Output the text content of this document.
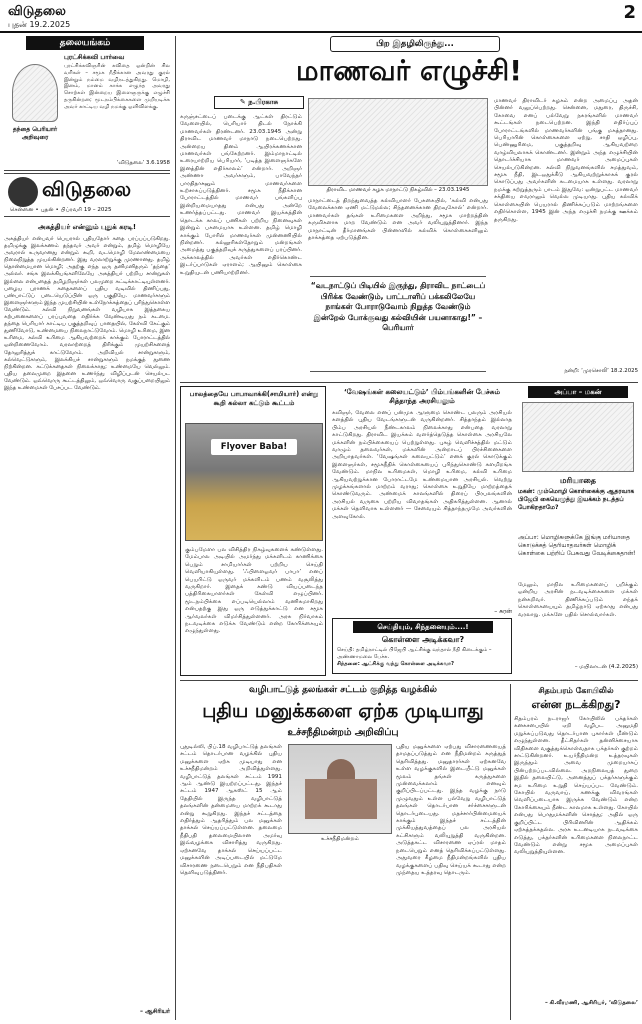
விடுதலை
புதன் 19.2.2025
2
தலையங்கம்
புரட்சிக்கவி பார்வை
புரட்சிக்கவிஞரின் கவிதை ஒன்றின் சில வரிகள் – சமூக நீதிக்கான அவரது குரல் இன்றும் நம்மை வழிநடத்துகிறது. மொழி, இனம், மானம் காக்க எழுந்த அவரது சொற்கள் இன்றைய இளைஞருக்கு எழுச்சி தருகின்றன; மூடநம்பிக்கைகளை முறியடிக்க அவர் காட்டிய வழி நமக்கு ஒளிவிளக்கு.
தந்தை பெரியார் அறிவுரை
‘விடுதலை’ 3.6.1958
விடுதலை
சென்னை • புதன் • பிப்ரவரி 19 – 2025
அகத்தியர் என்னும் புதுக் கரடி!
அகத்தியர் என்பவர் பெயரால் புதியதோர் கதை பரப்பப்படுகிறது. தமிழுக்கு இலக்கணம் தந்தவர் அவர் என்றும், தமிழ் மொழியே அவரால் உருவானது என்றும் கூறி, வடமொழி மேலாண்மையை நிலைநிறுத்த முயல்கின்றனர். இது வரலாற்றுக்கு முரணானது. தமிழ் தொன்மையான மொழி; அதற்கு எந்த ஒரு தனிமனிதரும் ‘தந்தை’ அல்லர். சங்க இலக்கியங்களிலேயே அகத்தியர் பற்றிய சான்றுகள் இல்லை என்பதைத் தமிழறிஞர்கள் பலமுறை சுட்டிக்காட்டியுள்ளனர். பழைய புராணக் கதைகளைப் புதிய வடிவில் திணிப்பது, பண்பாட்டுப் படையெடுப்பின் ஒரு பகுதியே. மாணவர்களும் இளைஞர்களும் இந்த முயற்சியின் உள்நோக்கத்தைப் புரிந்துகொள்ள வேண்டும். கல்வி நிறுவனங்கள் வழியாக இத்தகைய கற்பனைகளைப் பரப்புவதை எதிர்க்க வேண்டியது நம் கடமை. தந்தை பெரியார் காட்டிய பகுத்தறிவுப் பாதையில், கேள்வி கேட்கும் துணிவோடு, உண்மையை நிலைநாட்டுவோம். மொழி உரிமை, இன உரிமை, கல்வி உரிமை ஆகியவற்றைக் காக்கும் போராட்டத்தில் ஒன்றிணைவோம். வரலாற்றைத் திரிக்கும் முயற்சிகளைத் தோலுரித்துக் காட்டுவோம். அறிவியல் சான்றுகளும், கல்வெட்டுகளும், இலக்கியச் சான்றுகளும் நமக்குத் துணை நிற்கின்றன. கட்டுக்கதைகள் நிலைக்காது; உண்மையே வெல்லும். புதிய தலைமுறை இதனை உணர்ந்து விழிப்புடன் செயல்பட வேண்டும். ஒவ்வொரு கூட்டத்திலும், ஒவ்வொரு வகுப்பறையிலும் இந்த உண்மைகள் பேசப்பட வேண்டும்.
– ஆசிரியர்
பிற இதழிலிருந்து...
மாணவர் எழுச்சி!
✎ ந.பிரகாசு
கருஞ்சட்டைப் படைக்கு ஆட்கள் திரட்டும் வேளையில், பெரியார் திடல் நோக்கி மாணவர்கள் திரண்டனர். 23.03.1945 அன்று திராவிட மாணவர் மாநாடு நடைபெற்றது. அன்றைய தினம் ஆயிரக்கணக்கான மாணவர்கள் பங்கேற்றனர். இம்மாநாட்டில் உரையாற்றிய பெரியார், ‘படித்த இளைஞர்களே இனத்தின் எதிர்காலம்’ என்றார். அறிஞர் அண்ணா அவர்களும், பாவேந்தர் பாரதிதாசனும் மாணவர்களை உற்சாகப்படுத்தினர். சமூக நீதிக்கான போராட்டத்தில் மாணவர் பங்களிப்பு இன்றியமையாதது என்பது அன்றே உணர்த்தப்பட்டது. மாணவர் இயக்கத்தின் தொடக்க காலப் பணிகள் பற்றிய நினைவுகள் இன்றும் பசுமையாக உள்ளன. தமிழ் மொழி காக்கும் போரில் மாணவர்கள் முன்னணியில் நின்றனர். கல்லூரிகள்தோறும் மன்றங்கள் அமைத்து பகுத்தறிவுக் கருத்துகளைப் பரப்பினர். அக்காலத்தில் அவர்கள் எதிர்கொண்ட இடர்ப்பாடுகள் ஏராளம்; ஆயினும் கொள்கை உறுதியுடன் பணியாற்றினர்.
திராவிட மாணவர் கழக மாநாட்டு நிகழ்வில் – 23.03.1945
மாநாட்டைத் திறந்துவைத்த கல்வியாளர் பேசுகையில், ‘கல்வி என்பது வேலைக்கான ஏணி மட்டுமல்ல; சிந்தனைக்கான திறவுகோல்’ என்றார். மாணவர்கள் தங்கள் உரிமைகளை அறிந்து, சமூக மாற்றத்தின் கருவிகளாக மாற வேண்டும் என அவர் வலியுறுத்தினார். இந்த மாநாட்டின் தீர்மானங்கள் பின்னாளில் கல்விக் கொள்கைகளிலும் தாக்கத்தை ஏற்படுத்தின.
“வடநாட்டுப் பிடியில் இருந்து, திராவிட நாட்டைப் பிரிக்க வேண்டும், பாட்டாளிப் பக்கலிலேயே நாங்கள் போராடுவோம் நிறுத்த வேண்டும் இன்றேல் போக்குவது கல்வியின் பயனாகாது!” – பெரியார்
மாணவர் திராவிடர் கழகம் என்ற அமைப்பு அதன் பின்னர் வலுப்பெற்றது. சென்னை, மதுரை, திருச்சி, கோவை எனப் பல்வேறு நகரங்களில் மாணவர் கூட்டங்கள் நடைபெற்றன. இந்தி எதிர்ப்புப் போராட்டங்களில் மாணவர்களின் பங்கு மகத்தானது. பெரியாரின் கொள்கைகளை ஏற்று, சாதி ஒழிப்பு, பெண்ணுரிமை, பகுத்தறிவு ஆகியவற்றை வாழ்வியலாகக் கொண்டனர். இன்றும் அந்த எழுச்சியின் தொடர்ச்சியாக மாணவர் அமைப்புகள் செயல்படுகின்றன. கல்வி நிறுவனங்களில் சமத்துவம், சமூக நீதி, இடஒதுக்கீடு ஆகியவற்றுக்காகக் குரல் கொடுப்பது அவர்களின் கடமையாக உள்ளது. வரலாறு நமக்கு கற்றுத்தரும் பாடம் இதுவே: ஒன்றுபட்ட மாணவர் சக்தியை எவராலும் வெல்ல முடியாது. புதிய கல்விக் கொள்கையின் பெயரால் திணிக்கப்படும் மாற்றங்களை எதிர்கொள்ள, 1945 இன் அந்த எழுச்சி நமக்கு ஊக்கம் தருகிறது.
நன்றி: ‘முரசொலி’ 18.2.2025
பாலத்தையே பாபாவாக்கி(சாமியார்) என்று கூறி கல்லா கட்டும் கூட்டம்
Flyover Baba!
கும்பமேளா பல விசித்திர நிகழ்வுகளைக் கண்டுள்ளது. மேம்பால அடியில் அமர்ந்து மக்களிடம் காணிக்கை பெறும் சாமியார்கள் பற்றிய செய்தி வெளியாகியுள்ளது. ‘ஃபிளைஓவர் பாபா’ எனப் பெயரிட்டு ஒருவர் மக்களிடம் பணம் வசூலித்து வருகிறார். இதைக் கண்டு வியப்படைந்த பத்திரிகையாளர்கள் கேள்வி எழுப்பினர். மூடநம்பிக்கை எப்படியெல்லாம் வணிகமாகிறது என்பதற்கு இது ஒரு எடுத்துக்காட்டு என சமூக ஆர்வலர்கள் விமர்சித்துள்ளனர். அரசு நிர்வாகம் நடவடிக்கை எடுக்க வேண்டும் என்ற கோரிக்கையும் எழுந்துள்ளது.
‘வேஷங்கள் கலையட்டும்’ பிம்பங்களின் பேச்சும் சித்தாந்த அரசியலும்
கவிஞர், வேலை எனப் பன்முக ஆளுமை கொண்ட பலரும் அரசியல் களத்தில் புதிய வேடங்களுடன் வருகின்றனர். சித்தாந்தம் இல்லாத பிம்ப அரசியல் நீண்டகாலம் நிலைக்காது என்பதை வரலாறு காட்டுகிறது. திராவிட இயக்கம் வளர்த்தெடுத்த கொள்கை அரசியலே மக்களின் நம்பிக்கையைப் பெற்றுள்ளது. புகழ் வெளிச்சத்தில் மட்டும் வாழும் தலைவர்கள், மக்களின் அன்றாடப் பிரச்சினைகளை அறியாதவர்கள். ‘வேஷங்கள் கலையட்டும்’ எனக் குரல் கொடுக்கும் இளைஞர்கள், சமூகநீதிக் கொள்கையைப் புரிந்துகொண்டு களமிறங்க வேண்டும். மாநில உரிமைகள், மொழி உரிமை, கல்வி உரிமை ஆகியவற்றுக்கான போராட்டமே உண்மையான அரசியல். வெற்று முழக்கங்களால் மாற்றம் வராது; கொள்கை உறுதியே மாற்றத்தைக் கொண்டுவரும். அண்மைக் காலங்களில் திரைப் பிரபலங்களின் அரசியல் வருகை பற்றிய விவாதங்கள் அதிகரித்துள்ளன. ஆனால் மக்கள் தெளிவாக உள்ளனர் — சேவையும் சித்தாந்தமுமே அவர்களின் அளவுகோல்.
– சுரன்
செய்தியும், சிந்தனையும்....!
கொள்ளை அடிக்கவா?
செய்தி: தமிழ்நாட்டில் பிஜேபி ஆட்சிக்கு வந்தால் நீதி கிடைக்கும் – அண்ணாமலை பேச்சு.
சிந்தனை: ஆட்சிக்கு வந்து கொள்ளை அடிக்கவா?
அப்பா – மகன்
மரியாதை
மகன்: மும்மொழி கொள்கைக்கு ஆதரவாக பிஜேபி கையெழுத்து இயக்கம் நடத்தப் போகிறதாமே?
அப்பா: மொழிகளுக்கே இங்கு மரியாதை கொடுக்கத் தெரியாதவர்கள் மொழிக் கொள்கை பற்றிப் பேசுவது வேடிக்கைதான்!
மேலும், மாநில உரிமைகளைப் பறிக்கும் ஒன்றிய அரசின் நடவடிக்கைகளை மக்கள் நன்கறிவர். திணிக்கப்படும் எந்தக் கொள்கையையும் தமிழ்நாடு ஏற்காது என்பது வரலாறு. மக்களே பதில் சொல்வார்கள்.
– மயிலாடன் (4.2.2025)
வழிபாட்டுத் தலங்கள் சட்டம் குறித்த வழக்கில்
புதிய மனுக்களை ஏற்க முடியாது
உச்சநீதிமன்றம் அறிவிப்பு
புதுடில்லி, பிப்.18 வழிபாட்டுத் தலங்கள் சட்டம் தொடர்பான வழக்கில் புதிய மனுக்களை ஏற்க முடியாது என உச்சநீதிமன்றம் அறிவித்துள்ளது. வழிபாட்டுத் தலங்கள் சட்டம் 1991 ஆம் ஆண்டு இயற்றப்பட்டது. இந்தச் சட்டம் 1947 ஆகஸ்ட் 15 ஆம் தேதியில் இருந்த வழிபாட்டுத் தலங்களின் தன்மையை மாற்றக் கூடாது என்று கூறுகிறது. இந்தச் சட்டத்தை எதிர்த்தும் ஆதரித்தும் பல மனுக்கள் தாக்கல் செய்யப்பட்டுள்ளன. தலைமை நீதிபதி தலைமையிலான அமர்வு இவ்வழக்கை விசாரித்து வருகிறது. ஏற்கனவே தாக்கல் செய்யப்பட்ட மனுக்களின் அடிப்படையில் மட்டுமே விசாரணை நடைபெறும் என நீதிபதிகள் தெளிவுபடுத்தினர்.
உச்சநீதிமன்றம்
புதிய மனுக்களை ஏற்பது விசாரணையைத் தாமதப்படுத்தும் என நீதிமன்றம் கருத்துத் தெரிவித்தது. மனுதாரர்கள் ஏற்கனவே உள்ள வழக்குகளில் இடையீட்டு மனுக்கள் மூலம் தங்கள் கருத்துகளை முன்வைக்கலாம் எனவும் குறிப்பிடப்பட்டது. இந்த வழக்கு நாடு முழுவதும் உள்ள பல்வேறு வழிபாட்டுத் தலங்கள் தொடர்பான சர்ச்சைகளுடன் தொடர்புடையது. மதச்சார்பின்மையைக் காக்கும் இந்தச் சட்டத்தின் முக்கியத்துவத்தைப் பல அரசியல் கட்சிகளும் வலியுறுத்தி வருகின்றன. அடுத்தகட்ட விசாரணை ஏப்ரல் மாதம் நடைபெறும் எனத் தெரிவிக்கப்பட்டுள்ளது. அதுவரை கீழமை நீதிமன்றங்களில் புதிய வழக்குகளைப் பதிவு செய்யக் கூடாது என்ற முந்தைய உத்தரவு தொடரும்.
சிதம்பரம் கோயிலில்
என்ன நடக்கிறது?
சிதம்பரம் நடராஜர் கோயிலில் பக்தர்கள் கனகசபையில் ஏறி வழிபட அனுமதி மறுக்கப்படுவது தொடர்பான புகார்கள் மீண்டும் எழுந்துள்ளன. தீட்சிதர்கள் தன்னிச்சையாக விதிகளை வகுத்துக்கொள்வதாக பக்தர்கள் குற்றம் சாட்டுகின்றனர். உயர்நீதிமன்ற உத்தரவுகள் இருந்தும் அவை முறையாகப் பின்பற்றப்படவில்லை. அறநிலையத் துறை இதில் தலையிட்டு, அனைத்துப் பக்தர்களுக்கும் சம உரிமை உறுதி செய்யப்பட வேண்டும். கோயில் வருவாய், கணக்கு விவரங்கள் வெளிப்படையாக இருக்க வேண்டும் என்ற கோரிக்கையும் நீண்ட காலமாக உள்ளது. கோயில் என்பது பொதுமக்களின் சொத்து; அதில் ஒரு குறிப்பிட்ட பிரிவினரின் ஆதிக்கம் ஏற்கத்தக்கதல்ல. அரசு உடனடியாக நடவடிக்கை எடுத்து, பக்தர்களின் உரிமைகளை நிலைநாட்ட வேண்டும் என்று சமூக அமைப்புகள் வலியுறுத்தியுள்ளன.
– கி.வீரமணி, ஆசிரியர், ‘விடுதலை’
